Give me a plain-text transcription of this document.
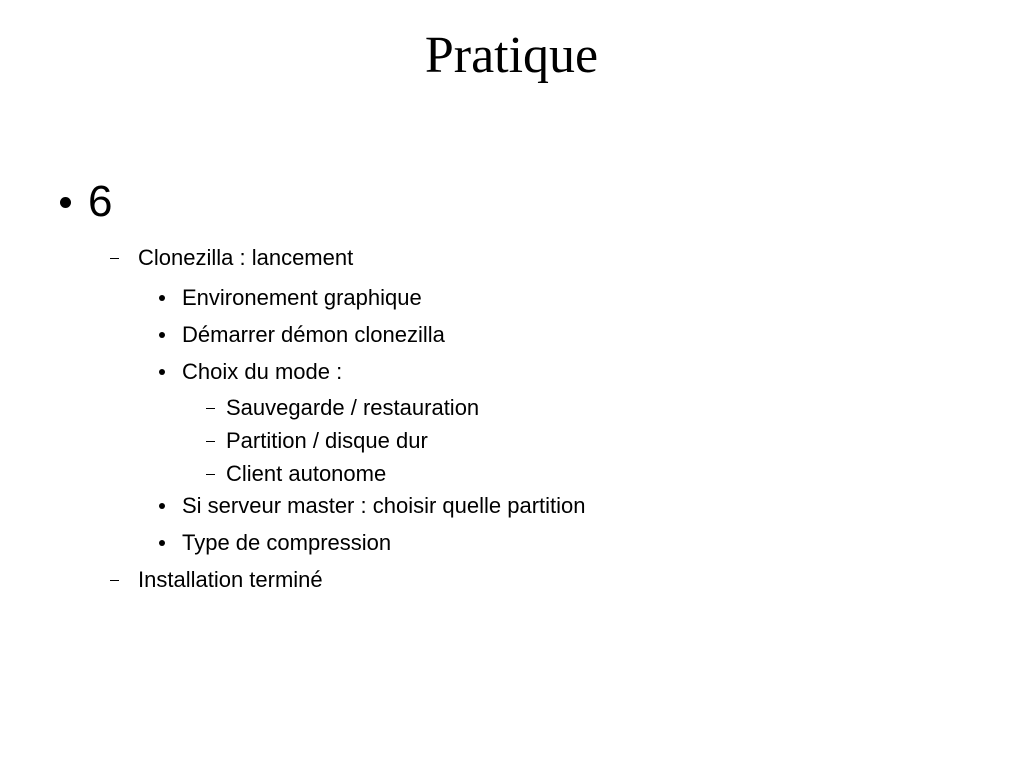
Pratique
6
Clonezilla : lancement
Environement graphique
Démarrer démon clonezilla
Choix du mode :
Sauvegarde / restauration
Partition / disque dur
Client autonome
Si serveur master : choisir quelle partition
Type de compression
Installation terminé
